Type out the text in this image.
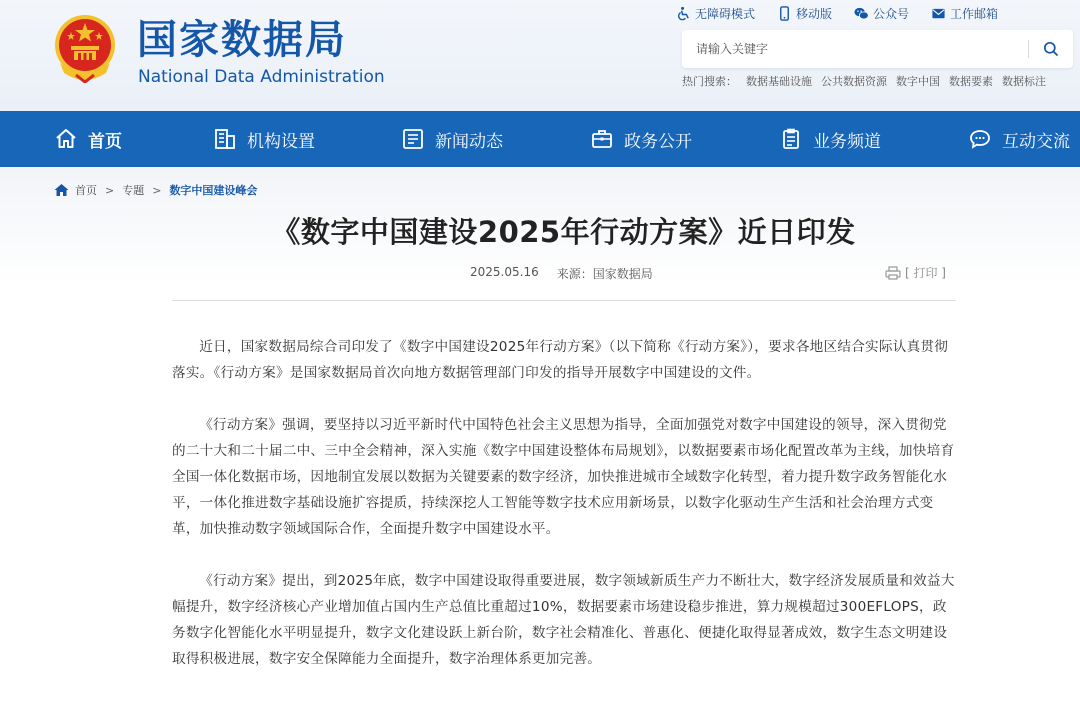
国家数据局
National Data Administration
无障碍模式	移动版	公众号	工作邮箱
请输入关键字
热门搜索： 数据基础设施 公共数据资源 数字中国 数据要素 数据标注
首页	机构设置	新闻动态	政务公开	业务频道	互动交流
首页 > 专题 > 数字中国建设峰会
《数字中国建设2025年行动方案》近日印发
2025.05.16 来源：国家数据局	[ 打印 ]

近日，国家数据局综合司印发了《数字中国建设2025年行动方案》（以下简称《行动方案》），要求各地区结合实际认真贯彻落实。《行动方案》是国家数据局首次向地方数据管理部门印发的指导开展数字中国建设的文件。

《行动方案》强调，要坚持以习近平新时代中国特色社会主义思想为指导，全面加强党对数字中国建设的领导，深入贯彻党的二十大和二十届二中、三中全会精神，深入实施《数字中国建设整体布局规划》，以数据要素市场化配置改革为主线，加快培育全国一体化数据市场，因地制宜发展以数据为关键要素的数字经济，加快推进城市全域数字化转型，着力提升数字政务智能化水平，一体化推进数字基础设施扩容提质，持续深挖人工智能等数字技术应用新场景，以数字化驱动生产生活和社会治理方式变革，加快推动数字领域国际合作，全面提升数字中国建设水平。

《行动方案》提出，到2025年底，数字中国建设取得重要进展，数字领域新质生产力不断壮大，数字经济发展质量和效益大幅提升，数字经济核心产业增加值占国内生产总值比重超过10%，数据要素市场建设稳步推进，算力规模超过300EFLOPS，政务数字化智能化水平明显提升，数字文化建设跃上新台阶，数字社会精准化、普惠化、便捷化取得显著成效，数字生态文明建设取得积极进展，数字安全保障能力全面提升，数字治理体系更加完善。
